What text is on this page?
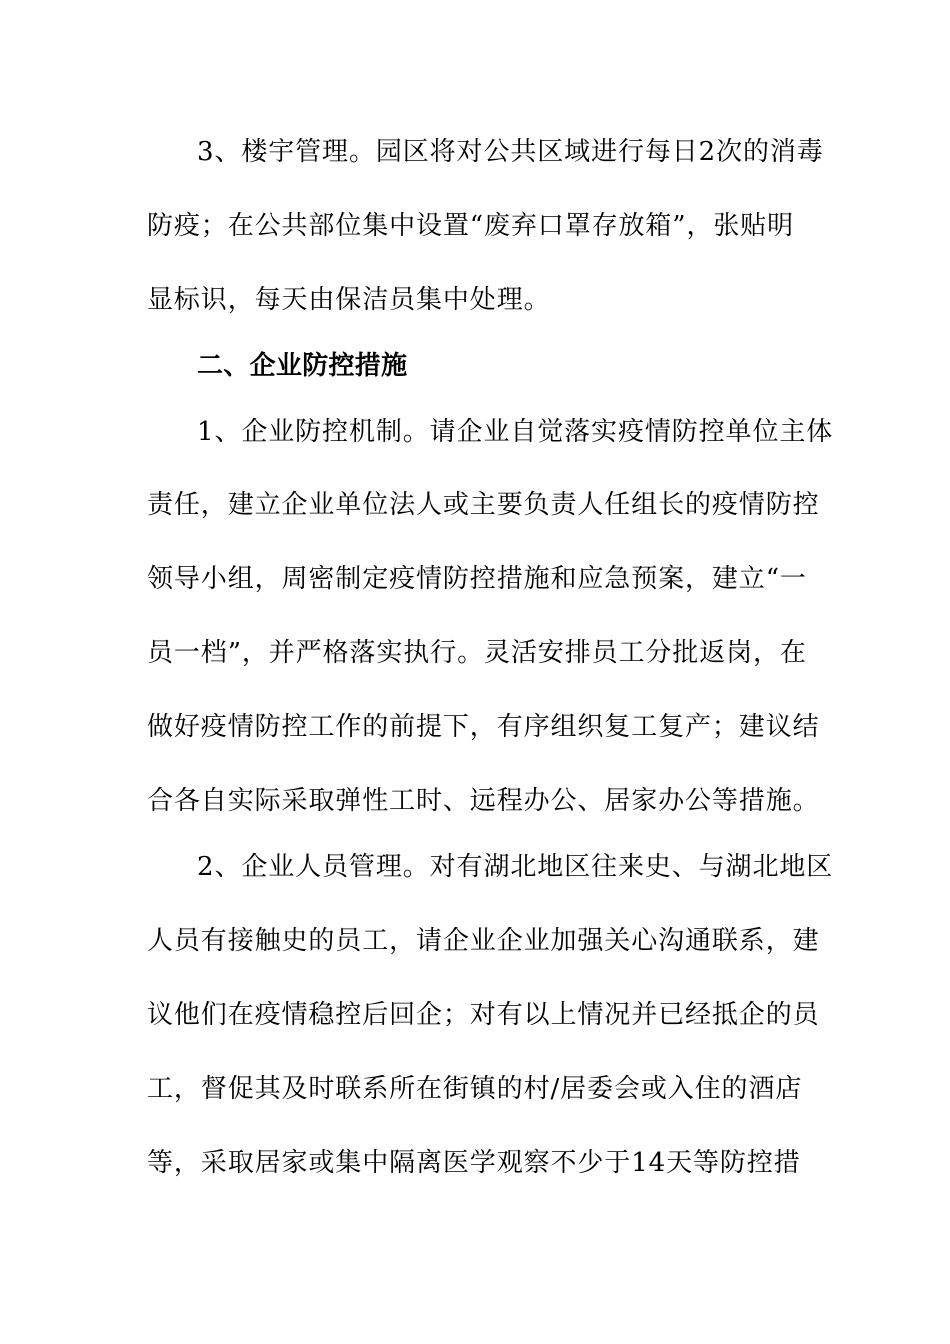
3、楼宇管理。园区将对公共区域进行每日2次的消毒
防疫；在公共部位集中设置“废弃口罩存放箱”，张贴明
显标识，每天由保洁员集中处理。
二、企业防控措施
1、企业防控机制。请企业自觉落实疫情防控单位主体
责任，建立企业单位法人或主要负责人任组长的疫情防控
领导小组，周密制定疫情防控措施和应急预案，建立“一
员一档”，并严格落实执行。灵活安排员工分批返岗，在
做好疫情防控工作的前提下，有序组织复工复产；建议结
合各自实际采取弹性工时、远程办公、居家办公等措施。
2、企业人员管理。对有湖北地区往来史、与湖北地区
人员有接触史的员工，请企业企业加强关心沟通联系，建
议他们在疫情稳控后回企；对有以上情况并已经抵企的员
工，督促其及时联系所在街镇的村/居委会或入住的酒店
等，采取居家或集中隔离医学观察不少于14天等防控措
